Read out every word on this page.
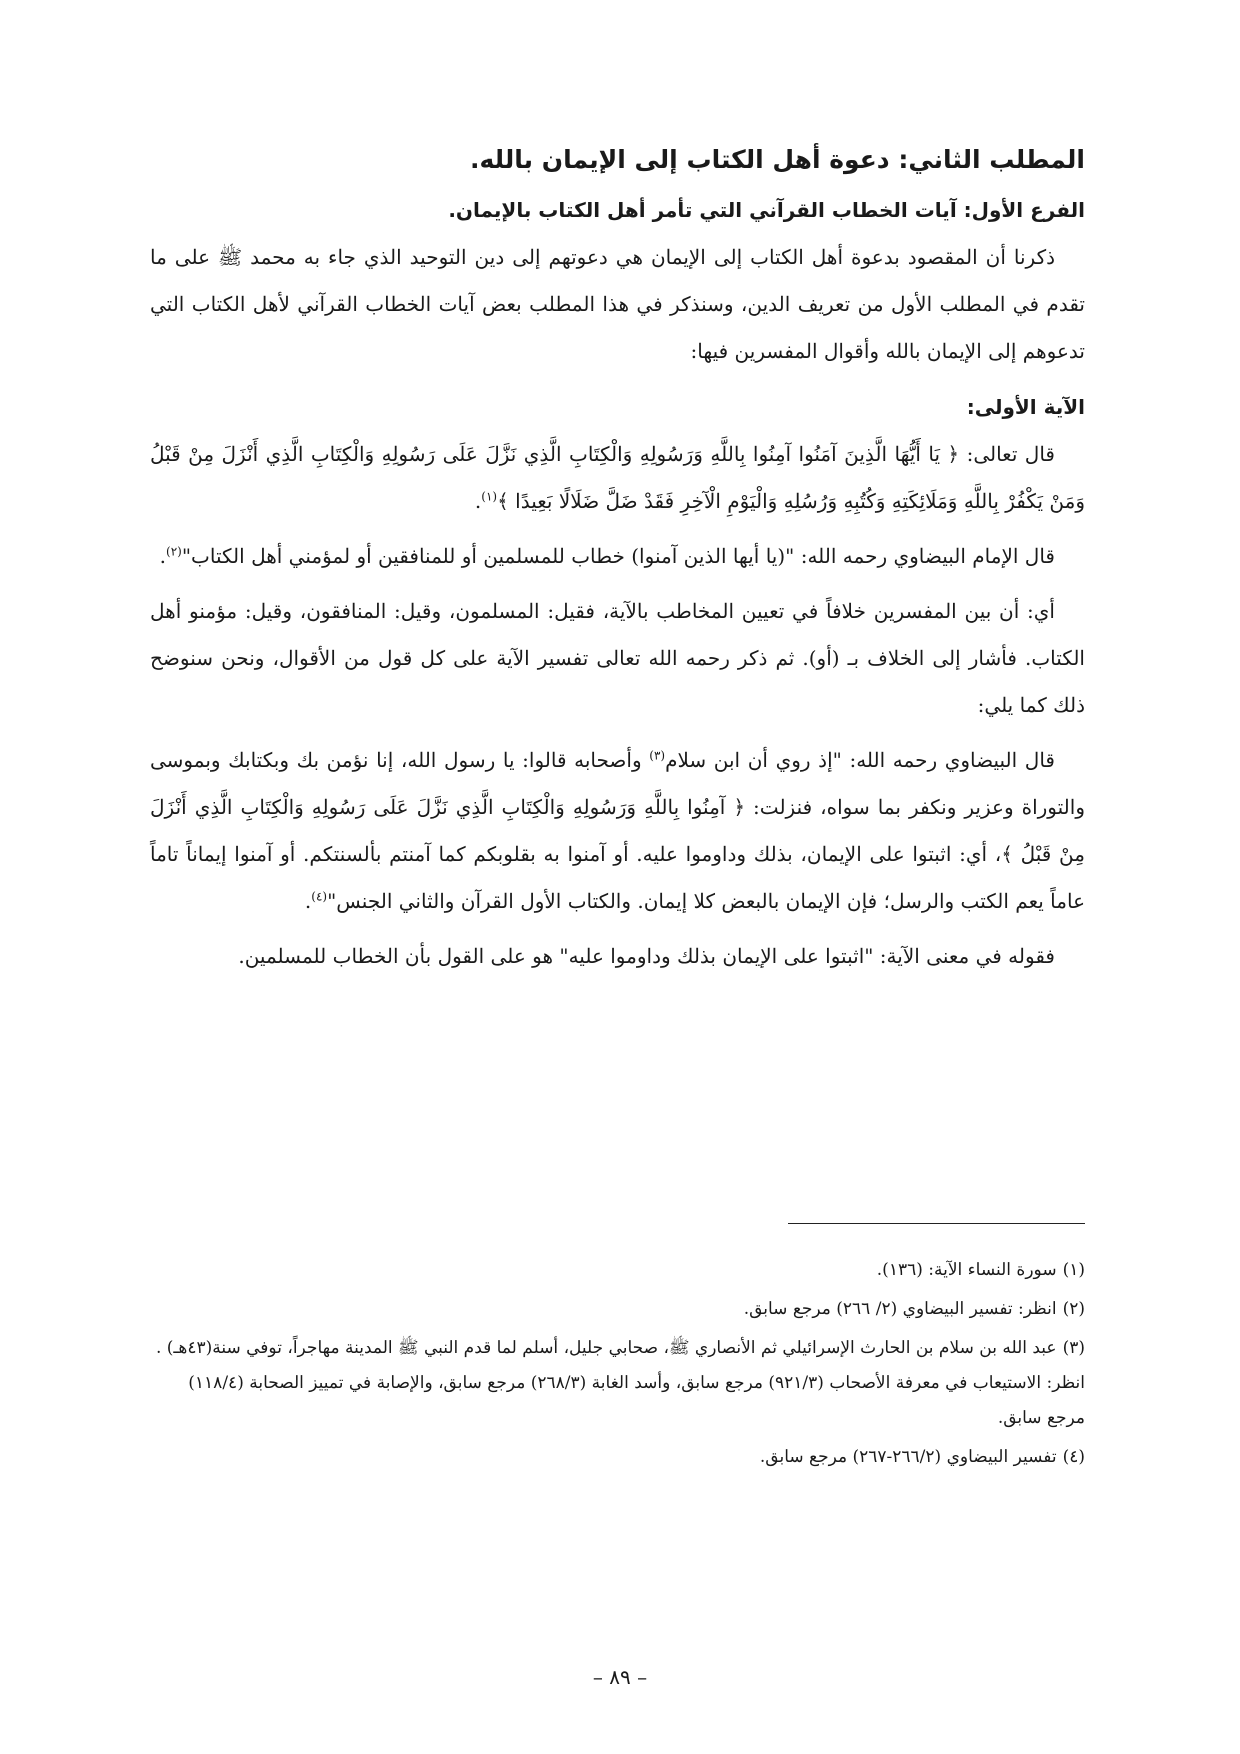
المطلب الثاني: دعوة أهل الكتاب إلى الإيمان بالله.
الفرع الأول: آيات الخطاب القرآني التي تأمر أهل الكتاب بالإيمان.

ذكرنا أن المقصود بدعوة أهل الكتاب إلى الإيمان هي دعوتهم إلى دين التوحيد الذي جاء به محمد ﷺ على ما تقدم في المطلب الأول من تعريف الدين، وسنذكر في هذا المطلب بعض آيات الخطاب القرآني لأهل الكتاب التي تدعوهم إلى الإيمان بالله وأقوال المفسرين فيها:

الآية الأولى:

قال تعالى: ﴿ يَا أَيُّهَا الَّذِينَ آمَنُوا آمِنُوا بِاللَّهِ وَرَسُولِهِ وَالْكِتَابِ الَّذِي نَزَّلَ عَلَى رَسُولِهِ وَالْكِتَابِ الَّذِي أَنْزَلَ مِنْ قَبْلُ وَمَنْ يَكْفُرْ بِاللَّهِ وَمَلَائِكَتِهِ وَكُتُبِهِ وَرُسُلِهِ وَالْيَوْمِ الْآخِرِ فَقَدْ ضَلَّ ضَلَالًا بَعِيدًا ﴾$^{(١)}$.

قال الإمام البيضاوي رحمه الله: "(يا أيها الذين آمنوا) خطاب للمسلمين أو للمنافقين أو لمؤمني أهل الكتاب"$^{(٢)}$.

أي: أن بين المفسرين خلافاً في تعيين المخاطب بالآية، فقيل: المسلمون، وقيل: المنافقون، وقيل: مؤمنو أهل الكتاب. فأشار إلى الخلاف بـ (أو). ثم ذكر رحمه الله تعالى تفسير الآية على كل قول من الأقوال، ونحن سنوضح ذلك كما يلي:

قال البيضاوي رحمه الله: "إذ روي أن ابن سلام$^{(٣)}$ وأصحابه قالوا: يا رسول الله، إنا نؤمن بك وبكتابك وبموسى والتوراة وعزير ونكفر بما سواه، فنزلت: ﴿ آمِنُوا بِاللَّهِ وَرَسُولِهِ وَالْكِتَابِ الَّذِي نَزَّلَ عَلَى رَسُولِهِ وَالْكِتَابِ الَّذِي أَنْزَلَ مِنْ قَبْلُ ﴾، أي: اثبتوا على الإيمان، بذلك وداوموا عليه. أو آمنوا به بقلوبكم كما آمنتم بألسنتكم. أو آمنوا إيماناً تاماً عاماً يعم الكتب والرسل؛ فإن الإيمان بالبعض كلا إيمان. والكتاب الأول القرآن والثاني الجنس"$^{(٤)}$.

فقوله في معنى الآية: "اثبتوا على الإيمان بذلك وداوموا عليه" هو على القول بأن الخطاب للمسلمين.

(١)سورة النساء الآية: (١٣٦).

(٢)انظر: تفسير البيضاوي (٢/ ٢٦٦) مرجع سابق.

(٣)عبد الله بن سلام بن الحارث الإسرائيلي ثم الأنصاري ﷺ، صحابي جليل، أسلم لما قدم النبي ﷺ المدينة مهاجراً، توفي سنة(٤٣هـ) . انظر: الاستيعاب في معرفة الأصحاب (٩٢١/٣) مرجع سابق، وأسد الغابة (٢٦٨/٣) مرجع سابق، والإصابة في تمييز الصحابة (١١٨/٤) مرجع سابق.

(٤)تفسير البيضاوي (٢٦٦/٢-٢٦٧) مرجع سابق.

– ٨٩ –
